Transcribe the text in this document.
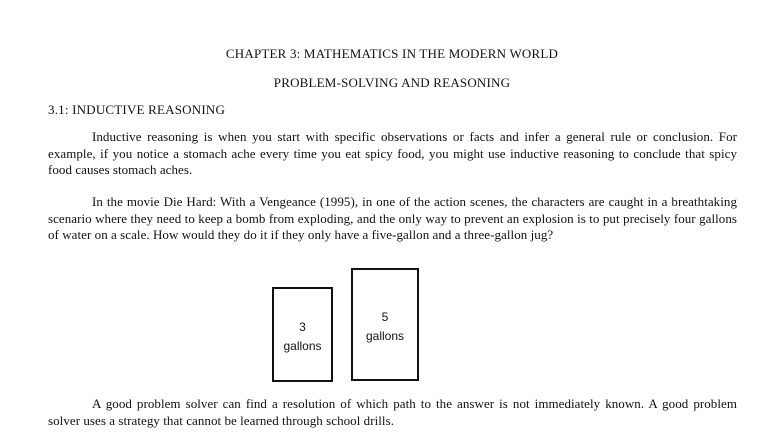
CHAPTER 3: MATHEMATICS IN THE MODERN WORLD
PROBLEM-SOLVING AND REASONING
3.1: INDUCTIVE REASONING

Inductive reasoning is when you start with specific observations or facts and infer a general rule or conclusion. For example, if you notice a stomach ache every time you eat spicy food, you might use inductive reasoning to conclude that spicy food causes stomach aches.

In the movie Die Hard: With a Vengeance (1995), in one of the action scenes, the characters are caught in a breathtaking scenario where they need to keep a bomb from exploding, and the only way to prevent an explosion is to put precisely four gallons of water on a scale. How would they do it if they only have a five-gallon and a three-gallon jug?

3
gallons
5
gallons

A good problem solver can find a resolution of which path to the answer is not immediately known. A good problem solver uses a strategy that cannot be learned through school drills.
